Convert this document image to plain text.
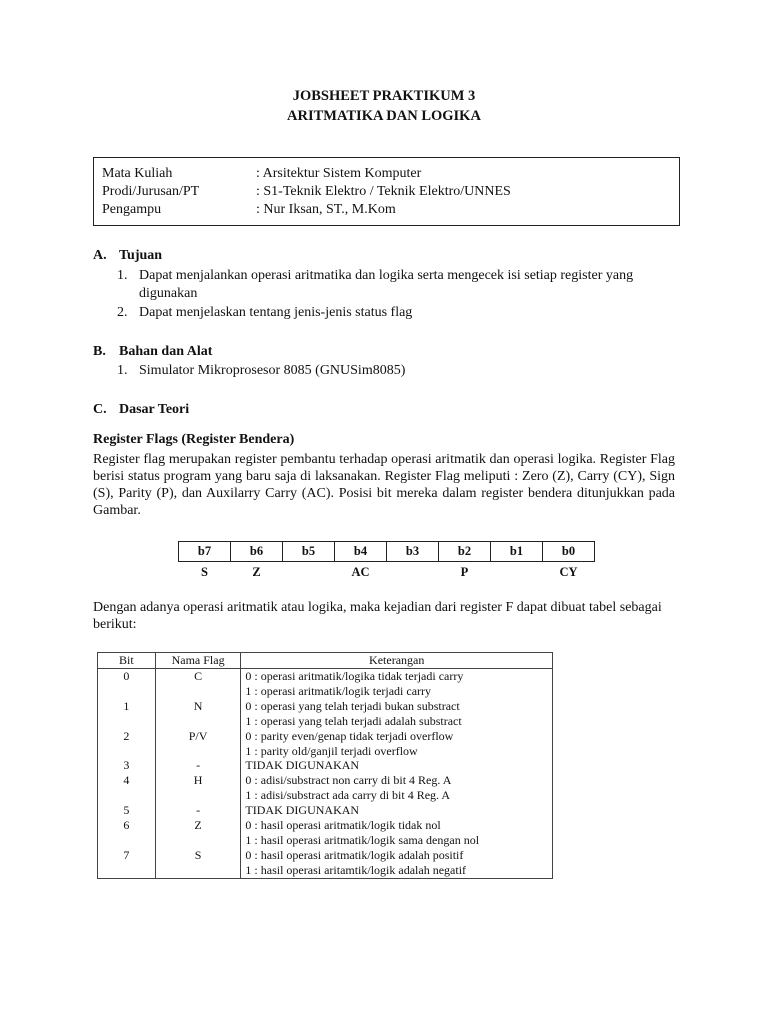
JOBSHEET PRAKTIKUM 3
ARITMATIKA DAN LOGIKA
Mata Kuliah	: Arsitektur Sistem Komputer
Prodi/Jurusan/PT	: S1-Teknik Elektro / Teknik Elektro/UNNES
Pengampu	: Nur Iksan, ST., M.Kom
A. Tujuan
1. Dapat menjalankan operasi aritmatika dan logika serta mengecek isi setiap register yang digunakan
2. Dapat menjelaskan tentang jenis-jenis status flag
B. Bahan dan Alat
1. Simulator Mikroprosesor 8085 (GNUSim8085)
C. Dasar Teori
Register Flags (Register Bendera)
Register flag merupakan register pembantu terhadap operasi aritmatik dan operasi logika. Register Flag berisi status program yang baru saja di laksanakan. Register Flag meliputi : Zero (Z), Carry (CY), Sign (S), Parity (P), dan Auxilarry Carry (AC). Posisi bit mereka dalam register bendera ditunjukkan pada Gambar.
b7	b6	b5	b4	b3	b2	b1	b0
S	Z		AC		P		CY
Dengan adanya operasi aritmatik atau logika, maka kejadian dari register F dapat dibuat tabel sebagai berikut:
Bit	Nama Flag	Keterangan
0	C	0 : operasi aritmatik/logika tidak terjadi carry
		1 : operasi aritmatik/logik terjadi carry
1	N	0 : operasi yang telah terjadi bukan substract
		1 : operasi yang telah terjadi adalah substract
2	P/V	0 : parity even/genap tidak terjadi overflow
		1 : parity old/ganjil terjadi overflow
3	-	TIDAK DIGUNAKAN
4	H	0 : adisi/substract non carry di bit 4 Reg. A
		1 : adisi/substract ada carry di bit 4 Reg. A
5	-	TIDAK DIGUNAKAN
6	Z	0 : hasil operasi aritmatik/logik tidak nol
		1 : hasil operasi aritmatik/logik sama dengan nol
7	S	0 : hasil operasi aritmatik/logik adalah positif
		1 : hasil operasi aritamtik/logik adalah negatif
